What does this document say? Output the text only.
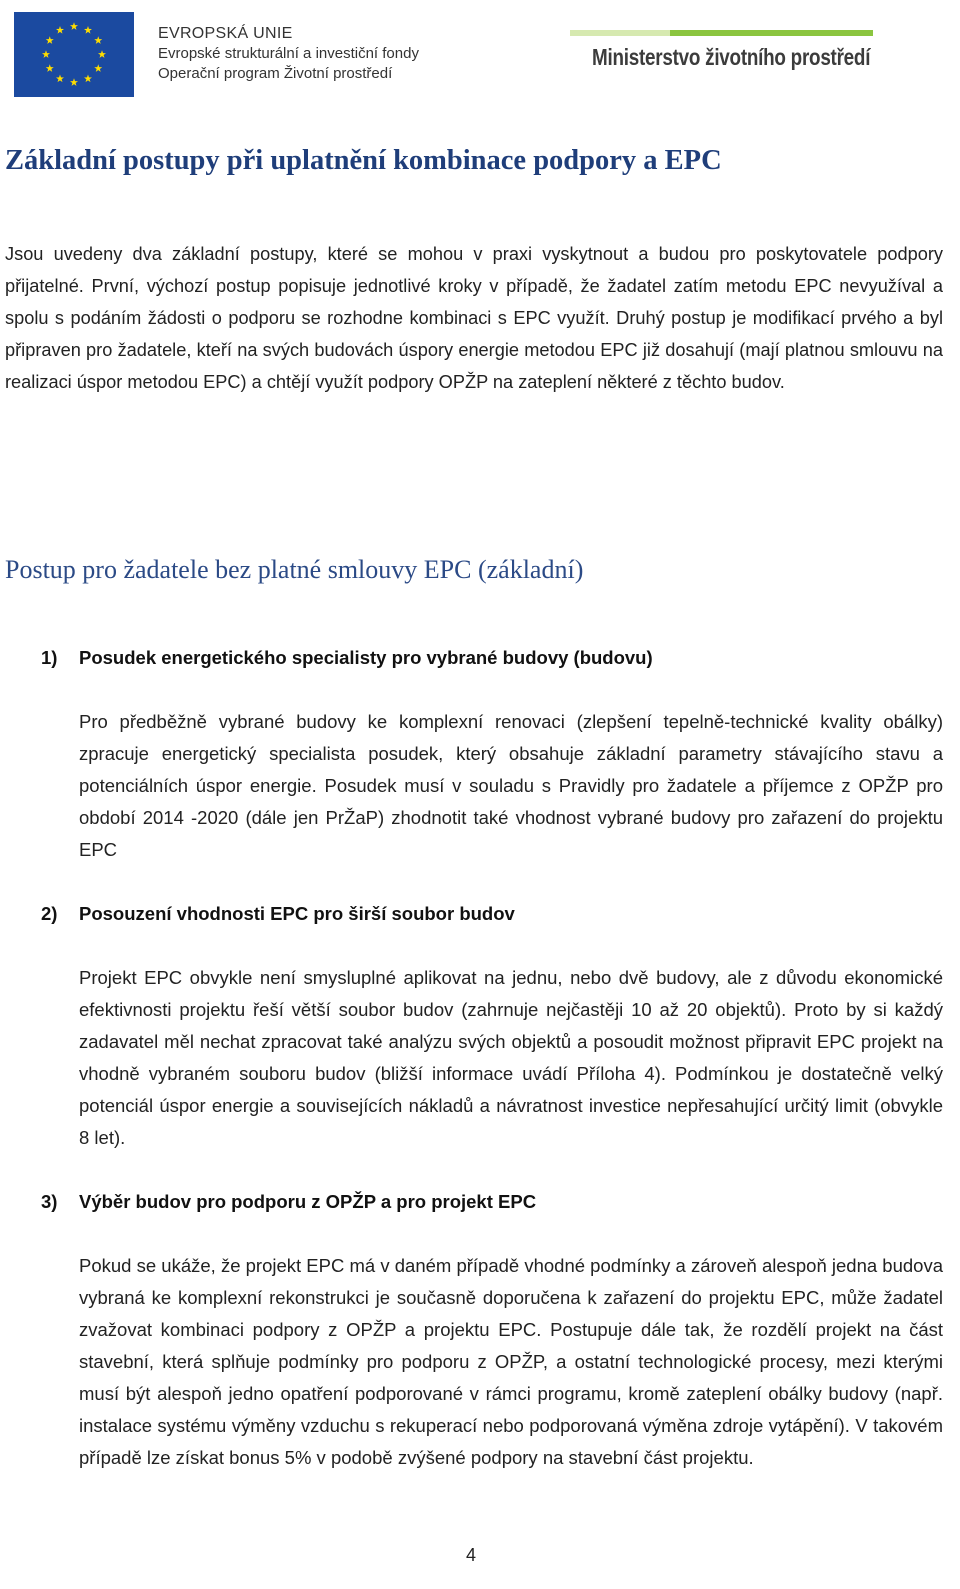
EVROPSKÁ UNIE
Evropské strukturální a investiční fondy
Operační program Životní prostředí
Ministerstvo životního prostředí
Základní postupy při uplatnění kombinace podpory a EPC

Jsou uvedeny dva základní postupy, které se mohou v praxi vyskytnout a budou pro poskytovatele podpory přijatelné. První, výchozí postup popisuje jednotlivé kroky v případě, že žadatel zatím metodu EPC nevyužíval a spolu s podáním žádosti o podporu se rozhodne kombinaci s EPC využít. Druhý postup je modifikací prvého a byl připraven pro žadatele, kteří na svých budovách úspory energie metodou EPC již dosahují (mají platnou smlouvu na realizaci úspor metodou EPC) a chtějí využít podpory OPŽP na zateplení některé z těchto budov.

Postup pro žadatele bez platné smlouvy EPC (základní)
1) Posudek energetického specialisty pro vybrané budovy (budovu)

Pro předběžně vybrané budovy ke komplexní renovaci (zlepšení tepelně-technické kvality obálky) zpracuje energetický specialista posudek, který obsahuje základní parametry stávajícího stavu a potenciálních úspor energie. Posudek musí v souladu s Pravidly pro žadatele a příjemce z OPŽP pro období 2014 -2020 (dále jen PrŽaP) zhodnotit také vhodnost vybrané budovy pro zařazení do projektu EPC

2) Posouzení vhodnosti EPC pro širší soubor budov

Projekt EPC obvykle není smysluplné aplikovat na jednu, nebo dvě budovy, ale z důvodu ekonomické efektivnosti projektu řeší větší soubor budov (zahrnuje nejčastěji 10 až 20 objektů). Proto by si každý zadavatel měl nechat zpracovat také analýzu svých objektů a posoudit možnost připravit EPC projekt na vhodně vybraném souboru budov (bližší informace uvádí Příloha 4). Podmínkou je dostatečně velký potenciál úspor energie a souvisejících nákladů a návratnost investice nepřesahující určitý limit (obvykle 8 let).

3) Výběr budov pro podporu z OPŽP a pro projekt EPC

Pokud se ukáže, že projekt EPC má v daném případě vhodné podmínky a zároveň alespoň jedna budova vybraná ke komplexní rekonstrukci je současně doporučena k zařazení do projektu EPC, může žadatel zvažovat kombinaci podpory z OPŽP a projektu EPC. Postupuje dále tak, že rozdělí projekt na část stavební, která splňuje podmínky pro podporu z OPŽP, a ostatní technologické procesy, mezi kterými musí být alespoň jedno opatření podporované v rámci programu, kromě zateplení obálky budovy (např. instalace systému výměny vzduchu s rekuperací nebo podporovaná výměna zdroje vytápění). V takovém případě lze získat bonus 5% v podobě zvýšené podpory na stavební část projektu.

4
